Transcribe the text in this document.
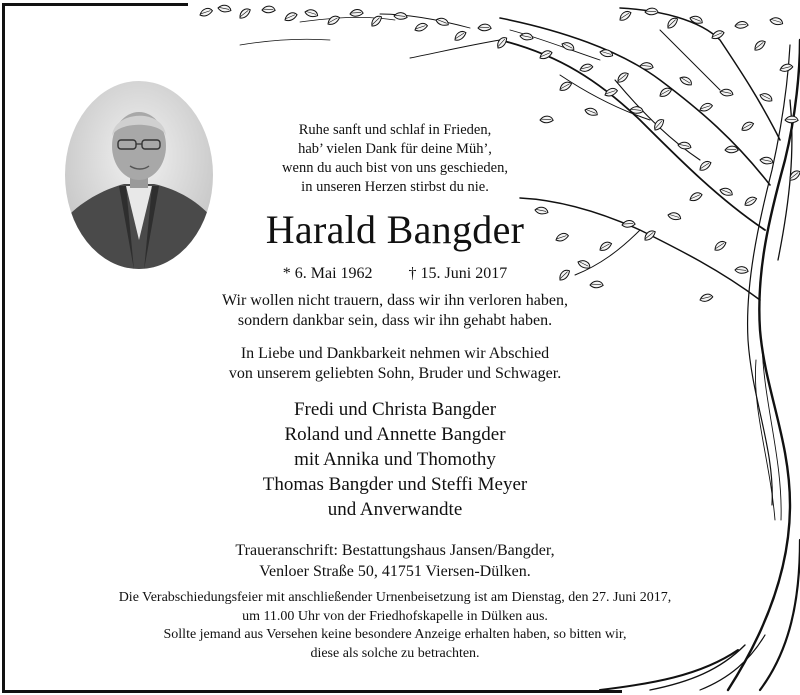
Ruhe sanft und schlaf in Frieden,
hab’ vielen Dank für deine Müh’,
wenn du auch bist von uns geschieden,
in unseren Herzen stirbst du nie.
Harald Bangder
* 6. Mai 1962 † 15. Juni 2017
Wir wollen nicht trauern, dass wir ihn verloren haben,
sondern dankbar sein, dass wir ihn gehabt haben.
In Liebe und Dankbarkeit nehmen wir Abschied
von unserem geliebten Sohn, Bruder und Schwager.
Fredi und Christa Bangder
Roland und Annette Bangder
mit Annika und Thomothy
Thomas Bangder und Steffi Meyer
und Anverwandte
Traueranschrift: Bestattungshaus Jansen/Bangder,
Venloer Straße 50, 41751 Viersen-Dülken.
Die Verabschiedungsfeier mit anschließender Urnenbeisetzung ist am Dienstag, den 27. Juni 2017,
um 11.00 Uhr von der Friedhofskapelle in Dülken aus.
Sollte jemand aus Versehen keine besondere Anzeige erhalten haben, so bitten wir,
diese als solche zu betrachten.
